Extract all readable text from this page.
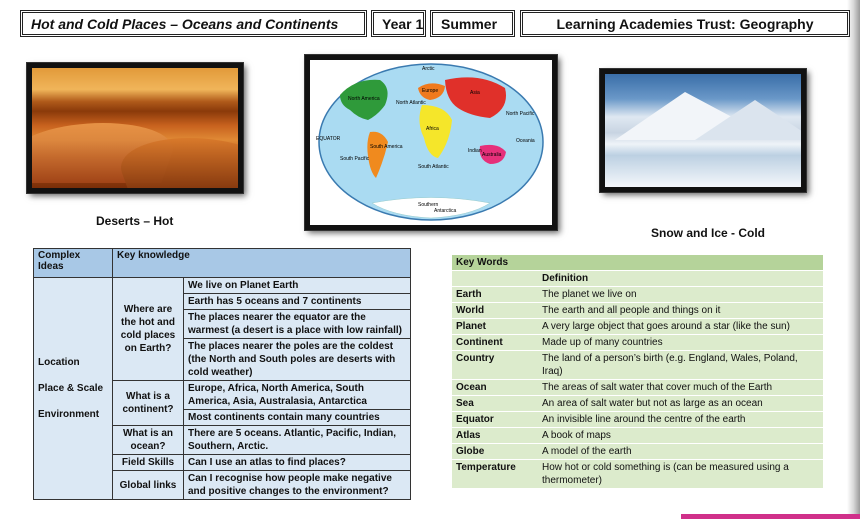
Hot and Cold Places – Oceans and Continents	Year 1	Summer	Learning Academies Trust: Geography
Arctic
North America
North Atlantic
Europe	Asia
North Pacific
EQUATOR
Africa
Indian
Oceania
South America
South Pacific
South Atlantic
Australia
Southern
Antarctica
Deserts – Hot
Snow and Ice - Cold
Complex Ideas	Key knowledge	

Location

Place & Scale

Environment	Where are the hot and cold places on Earth?	We live on Planet Earth
		Earth has 5 oceans and 7 continents
		The places nearer the equator are the warmest (a desert is a place with low rainfall)
		The places nearer the poles are the coldest (the North and South poles are deserts with cold weather)
	What is a continent?	Europe, Africa, North America, South America, Asia, Australasia, Antarctica
		Most continents contain many countries
	What is an ocean?	There are 5 oceans. Atlantic, Pacific, Indian, Southern, Arctic.
	Field Skills	Can I use an atlas to find places?
	Global links	Can I recognise how people make negative and positive changes to the environment?
Key Words	
	Definition
Earth	The planet we live on
World	The earth and all people and things on it
Planet	A very large object that goes around a star (like the sun)
Continent	Made up of many countries
Country	The land of a person’s birth (e.g. England, Wales, Poland, Iraq)
Ocean	The areas of salt water that cover much of the Earth
Sea	An area of salt water but not as large as an ocean
Equator	An invisible line around the centre of the earth
Atlas	A book of maps
Globe	A model of the earth
Temperature	How hot or cold something is (can be measured using a thermometer)
